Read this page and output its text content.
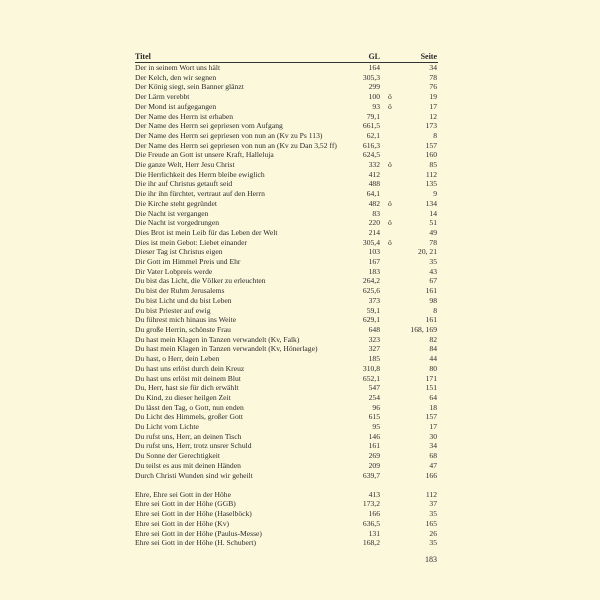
Titel	GL	Seite
Der in seinem Wort uns hält	164	34
Der Kelch, den wir segnen	305,3	78
Der König siegt, sein Banner glänzt	299	76
Der Lärm verebbt	100 ö	19
Der Mond ist aufgegangen	93 ö	17
Der Name des Herrn ist erhaben	79,1	12
Der Name des Herrn sei gepriesen vom Aufgang	661,5	173
Der Name des Herrn sei gepriesen von nun an (Kv zu Ps 113)	62,1	8
Der Name des Herrn sei gepriesen von nun an (Kv zu Dan 3,52 ff)	616,3	157
Die Freude an Gott ist unsere Kraft, Halleluja	624,5	160
Die ganze Welt, Herr Jesu Christ	332 ö	85
Die Herrlichkeit des Herrn bleibe ewiglich	412	112
Die ihr auf Christus getauft seid	488	135
Die ihr ihn fürchtet, vertraut auf den Herrn	64,1	9
Die Kirche steht gegründet	482 ö	134
Die Nacht ist vergangen	83	14
Die Nacht ist vorgedrungen	220 ö	51
Dies Brot ist mein Leib für das Leben der Welt	214	49
Dies ist mein Gebot: Liebet einander	305,4 ö	78
Dieser Tag ist Christus eigen	103	20, 21
Dir Gott im Himmel Preis und Ehr	167	35
Dir Vater Lobpreis werde	183	43
Du bist das Licht, die Völker zu erleuchten	264,2	67
Du bist der Ruhm Jerusalems	625,6	161
Du bist Licht und du bist Leben	373	98
Du bist Priester auf ewig	59,1	8
Du führest mich hinaus ins Weite	629,1	161
Du große Herrin, schönste Frau	648	168, 169
Du hast mein Klagen in Tanzen verwandelt (Kv, Falk)	323	82
Du hast mein Klagen in Tanzen verwandelt (Kv, Hönerlage)	327	84
Du hast, o Herr, dein Leben	185	44
Du hast uns erlöst durch dein Kreuz	310,8	80
Du hast uns erlöst mit deinem Blut	652,1	171
Du, Herr, hast sie für dich erwählt	547	151
Du Kind, zu dieser heilgen Zeit	254	64
Du lässt den Tag, o Gott, nun enden	96	18
Du Licht des Himmels, großer Gott	615	157
Du Licht vom Lichte	95	17
Du rufst uns, Herr, an deinen Tisch	146	30
Du rufst uns, Herr, trotz unsrer Schuld	161	34
Du Sonne der Gerechtigkeit	269	68
Du teilst es aus mit deinen Händen	209	47
Durch Christi Wunden sind wir geheilt	639,7	166
Ehre, Ehre sei Gott in der Höhe	413	112
Ehre sei Gott in der Höhe (GGB)	173,2	37
Ehre sei Gott in der Höhe (Haselböck)	166	35
Ehre sei Gott in der Höhe (Kv)	636,5	165
Ehre sei Gott in der Höhe (Paulus-Messe)	131	26
Ehre sei Gott in der Höhe (H. Schubert)	168,2	35
183
